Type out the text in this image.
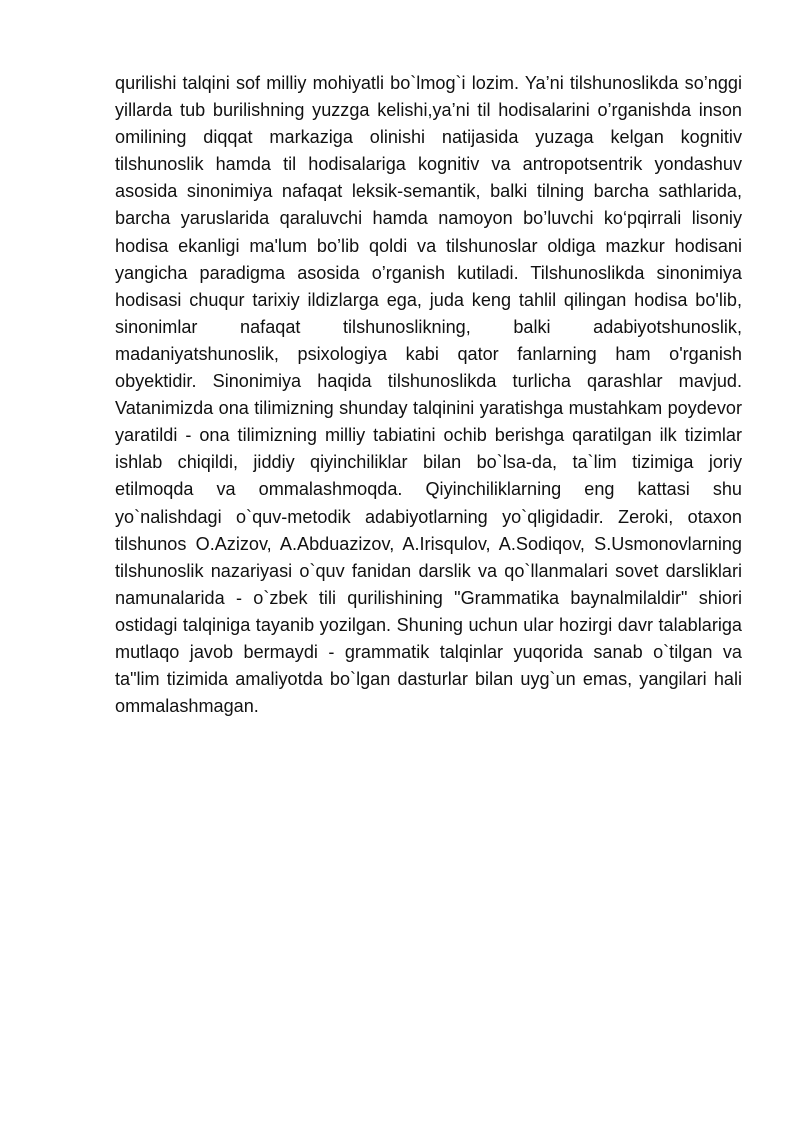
qurilishi talqini sof milliy mohiyatli bo`lmog`i lozim. Ya’ni tilshunoslikda so’nggi yillarda tub burilishning yuzzga kelishi,ya’ni til hodisalarini o’rganishda inson omilining diqqat markaziga olinishi natijasida yuzaga kelgan kognitiv tilshunoslik hamda til hodisalariga kognitiv va antropotsentrik yondashuv asosida sinonimiya nafaqat leksik-semantik, balki tilning barcha sathlarida, barcha yaruslarida qaraluvchi hamda namoyon bo’luvchi ko‘pqirrali lisoniy hodisa ekanligi ma'lum bo’lib qoldi va tilshunoslar oldiga mazkur hodisani yangicha paradigma asosida o’rganish kutiladi. Tilshunoslikda sinonimiya hodisasi chuqur tarixiy ildizlarga ega, juda keng tahlil qilingan hodisa bo'lib, sinonimlar nafaqat tilshunoslikning, balki adabiyotshunoslik, madaniyatshunoslik, psixologiya kabi qator fanlarning ham o'rganish obyektidir. Sinonimiya haqida tilshunoslikda turlicha qarashlar mavjud. Vatanimizda ona tilimizning shunday talqinini yaratishga mustahkam poydevor yaratildi - ona tilimizning milliy tabiatini ochib berishga qaratilgan ilk tizimlar ishlab chiqildi, jiddiy qiyinchiliklar bilan bo`lsa-da, ta`lim tizimiga joriy etilmoqda va ommalashmoqda. Qiyinchiliklarning eng kattasi shu yo`nalishdagi o`quv-metodik adabiyotlarning yo`qligidadir. Zeroki, otaxon tilshunos O.Azizov, A.Abduazizov, A.Irisqulov, A.Sodiqov, S.Usmonovlarning tilshunoslik nazariyasi o`quv fanidan darslik va qo`llanmalari sovet darsliklari namunalarida - o`zbek tili qurilishining "Grammatika baynalmilaldir" shiori ostidagi talqiniga tayanib yozilgan. Shuning uchun ular hozirgi davr talablariga mutlaqo javob bermaydi - grammatik talqinlar yuqorida sanab o`tilgan va ta"lim tizimida amaliyotda bo`lgan dasturlar bilan uyg`un emas, yangilari hali ommalashmagan.
